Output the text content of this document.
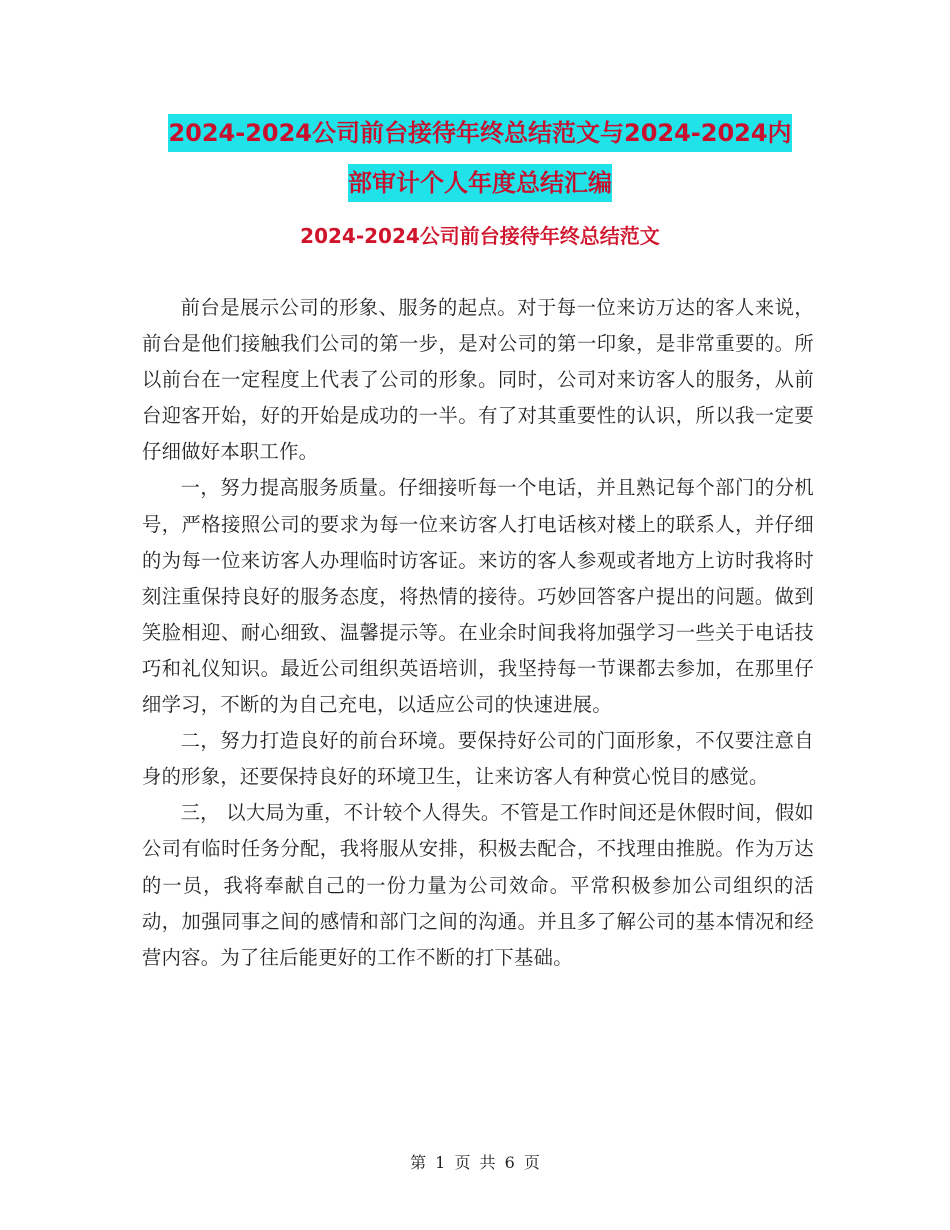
2024-2024公司前台接待年终总结范文与2024-2024内
部审计个人年度总结汇编
2024-2024公司前台接待年终总结范文

前台是展示公司的形象、服务的起点。对于每一位来访万达的客人来说，前台是他们接触我们公司的第一步，是对公司的第一印象，是非常重要的。所以前台在一定程度上代表了公司的形象。同时，公司对来访客人的服务，从前台迎客开始，好的开始是成功的一半。有了对其重要性的认识，所以我一定要仔细做好本职工作。

一，努力提高服务质量。仔细接听每一个电话，并且熟记每个部门的分机号，严格接照公司的要求为每一位来访客人打电话核对楼上的联系人，并仔细的为每一位来访客人办理临时访客证。来访的客人参观或者地方上访时我将时刻注重保持良好的服务态度，将热情的接待。巧妙回答客户提出的问题。做到笑脸相迎、耐心细致、温馨提示等。在业余时间我将加强学习一些关于电话技巧和礼仪知识。最近公司组织英语培训，我坚持每一节课都去参加，在那里仔细学习，不断的为自己充电，以适应公司的快速进展。

二，努力打造良好的前台环境。要保持好公司的门面形象，不仅要注意自身的形象，还要保持良好的环境卫生，让来访客人有种赏心悦目的感觉。

三， 以大局为重，不计较个人得失。不管是工作时间还是休假时间，假如公司有临时任务分配，我将服从安排，积极去配合，不找理由推脱。作为万达的一员，我将奉献自己的一份力量为公司效命。平常积极参加公司组织的活动，加强同事之间的感情和部门之间的沟通。并且多了解公司的基本情况和经营内容。为了往后能更好的工作不断的打下基础。

第 1 页 共 6 页
